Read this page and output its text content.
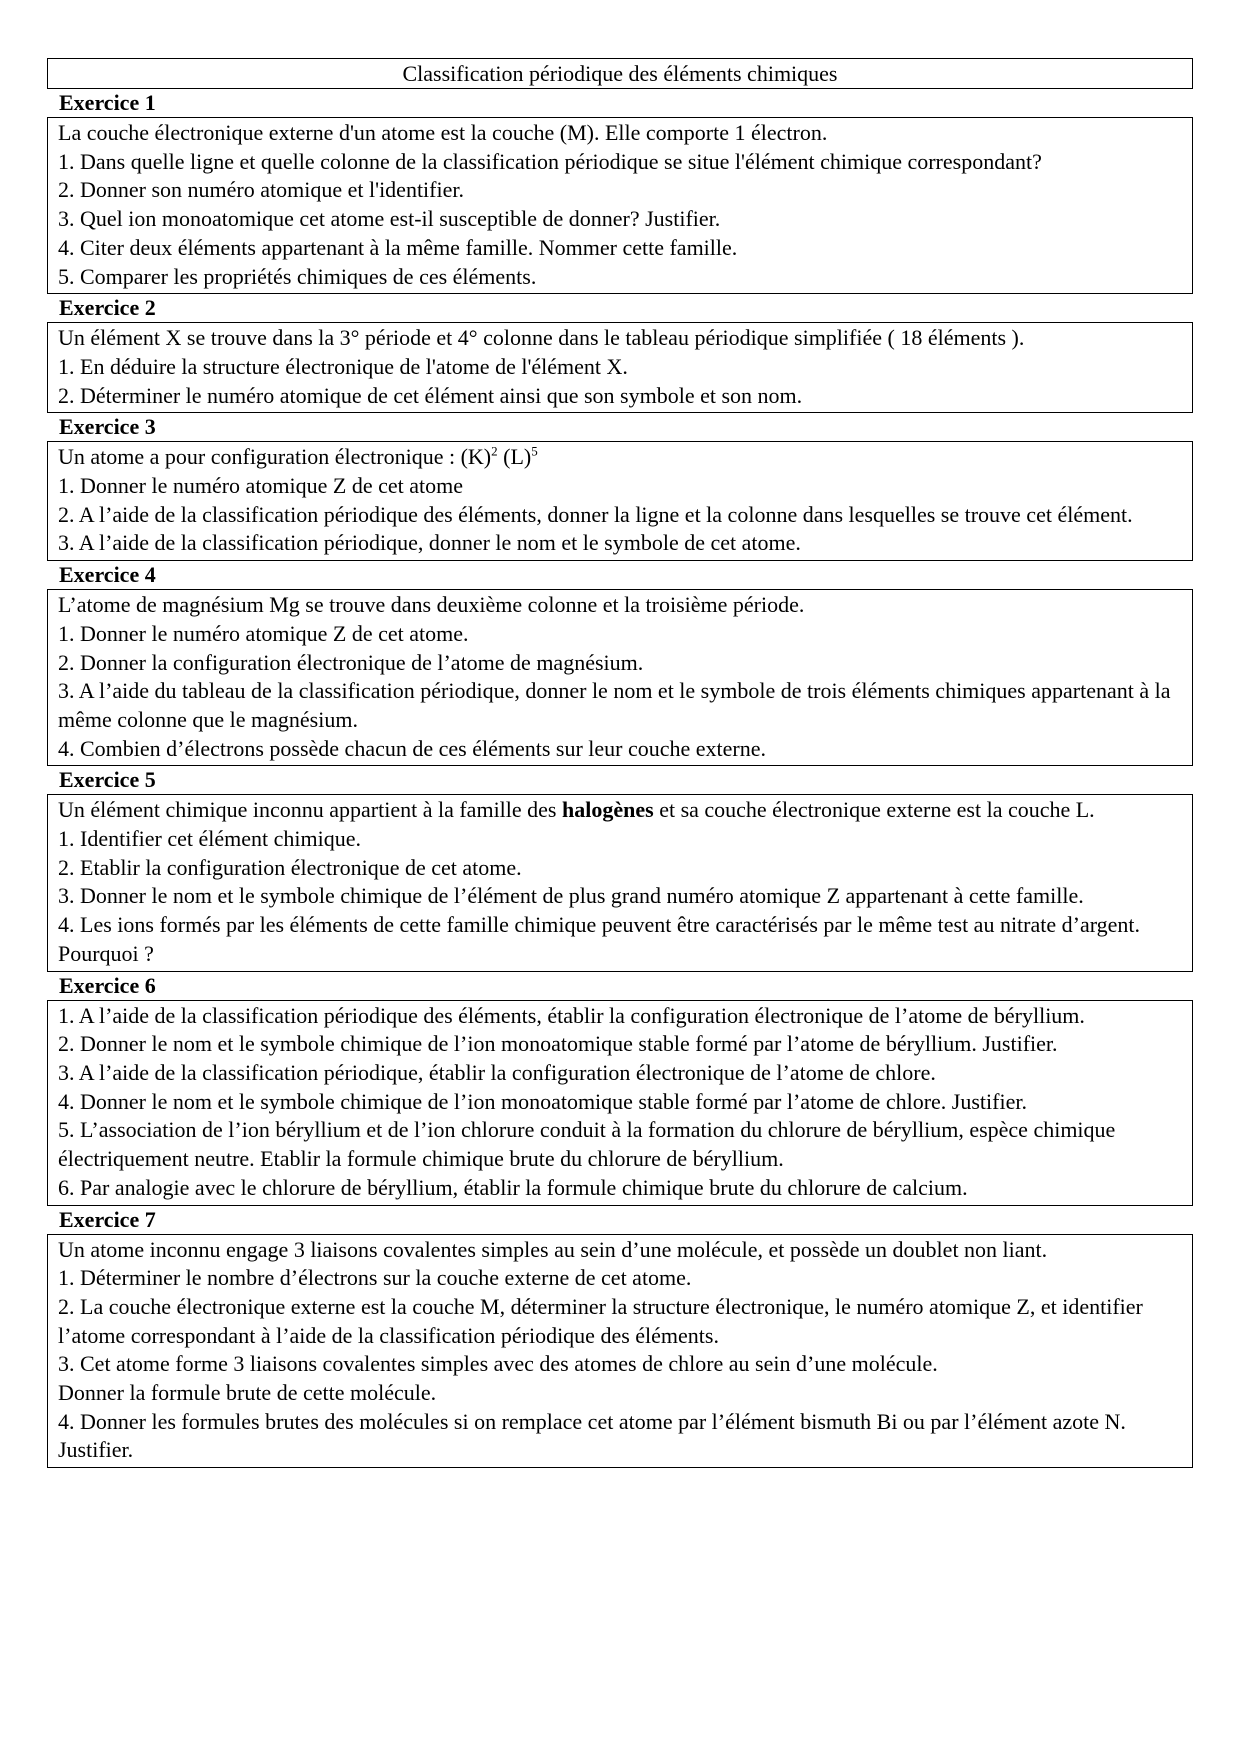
Classification périodique des éléments chimiques
Exercice 1

La couche électronique externe d'un atome est la couche (M). Elle comporte 1 électron.

1. Dans quelle ligne et quelle colonne de la classification périodique se situe l'élément chimique correspondant?

2. Donner son numéro atomique et l'identifier.

3. Quel ion monoatomique cet atome est-il susceptible de donner? Justifier.

4. Citer deux éléments appartenant à la même famille. Nommer cette famille.

5. Comparer les propriétés chimiques de ces éléments.

Exercice 2

Un élément X se trouve dans la 3° période et 4° colonne dans le tableau périodique simplifiée ( 18 éléments ).

1. En déduire la structure électronique de l'atome de l'élément X.

2. Déterminer le numéro atomique de cet élément ainsi que son symbole et son nom.

Exercice 3

Un atome a pour configuration électronique : $(K)^2$ $(L)^5$

1. Donner le numéro atomique Z de cet atome

2. A l’aide de la classification périodique des éléments, donner la ligne et la colonne dans lesquelles se trouve cet élément.

3. A l’aide de la classification périodique, donner le nom et le symbole de cet atome.

Exercice 4

L’atome de magnésium Mg se trouve dans deuxième colonne et la troisième période.

1. Donner le numéro atomique Z de cet atome.

2. Donner la configuration électronique de l’atome de magnésium.

3. A l’aide du tableau de la classification périodique, donner le nom et le symbole de trois éléments chimiques appartenant à la même colonne que le magnésium.

4. Combien d’électrons possède chacun de ces éléments sur leur couche externe.

Exercice 5

Un élément chimique inconnu appartient à la famille des halogènes et sa couche électronique externe est la couche L.

1. Identifier cet élément chimique.

2. Etablir la configuration électronique de cet atome.

3. Donner le nom et le symbole chimique de l’élément de plus grand numéro atomique Z appartenant à cette famille.

4. Les ions formés par les éléments de cette famille chimique peuvent être caractérisés par le même test au nitrate d’argent. Pourquoi ?

Exercice 6

1. A l’aide de la classification périodique des éléments, établir la configuration électronique de l’atome de béryllium.

2. Donner le nom et le symbole chimique de l’ion monoatomique stable formé par l’atome de béryllium. Justifier.

3. A l’aide de la classification périodique, établir la configuration électronique de l’atome de chlore.

4. Donner le nom et le symbole chimique de l’ion monoatomique stable formé par l’atome de chlore. Justifier.

5. L’association de l’ion béryllium et de l’ion chlorure conduit à la formation du chlorure de béryllium, espèce chimique

électriquement neutre. Etablir la formule chimique brute du chlorure de béryllium.

6. Par analogie avec le chlorure de béryllium, établir la formule chimique brute du chlorure de calcium.

Exercice 7

Un atome inconnu engage 3 liaisons covalentes simples au sein d’une molécule, et possède un doublet non liant.

1. Déterminer le nombre d’électrons sur la couche externe de cet atome.

2. La couche électronique externe est la couche M, déterminer la structure électronique, le numéro atomique Z, et identifier l’atome correspondant à l’aide de la classification périodique des éléments.

3. Cet atome forme 3 liaisons covalentes simples avec des atomes de chlore au sein d’une molécule.

Donner la formule brute de cette molécule.

4. Donner les formules brutes des molécules si on remplace cet atome par l’élément bismuth Bi ou par l’élément azote N. Justifier.
